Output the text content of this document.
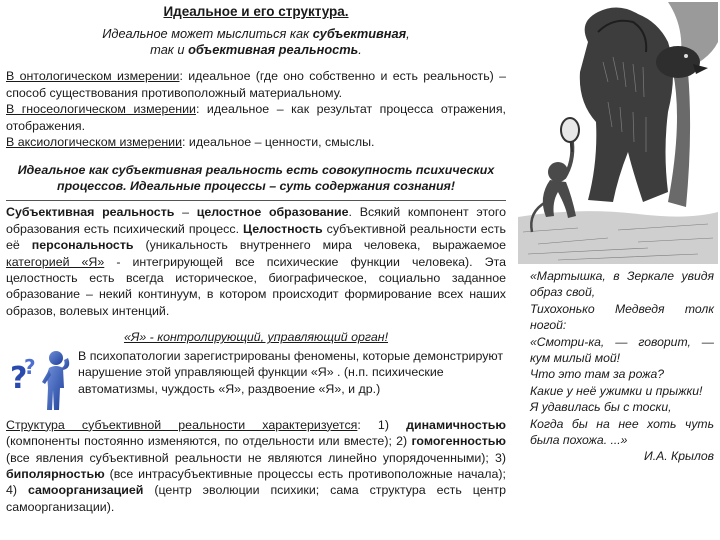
Идеальное и его структура.
Идеальное может мыслиться как субъективная,
так и объективная реальность.

В онтологическом измерении: идеальное (где оно собственно и есть реальность) – способ существования противоположный материальному.
В гносеологическом измерении: идеальное – как результат процесса отражения, отображения.
В аксиологическом измерении: идеальное – ценности, смыслы.

Идеальное как субъективная реальность есть совокупность психических процессов. Идеальные процессы – суть содержания сознания!

Субъективная реальность – целостное образование. Всякий компонент этого образования есть психический процесс. Целостность субъективной реальности есть её персональность (уникальность внутреннего мира человека, выражаемое категорией «Я» - интегрирующей все психические функции человека). Эта целостность есть всегда историческое, биографическое, социально заданное образование – некий континуум, в котором происходит формирование всех наших образов, волевых интенций.

«Я» - контролирующий, управляющий орган!
?
?	В психопатологии зарегистрированы феномены, которые демонстрируют нарушение этой управляющей функции «Я» . (н.п. психические автоматизмы, чуждость «Я», раздвоение «Я», и др.)

Структура субъективной реальности характеризуется: 1) динамичностью (компоненты постоянно изменяются, по отдельности или вместе); 2) гомогенностью (все явления субъективной реальности не являются линейно упорядоченными); 3) биполярностью (все интрасубъективные процессы есть противоположные начала); 4) самоорганизацией (центр эволюции психики; сама структура есть центр самоорганизации).

«Мартышка, в Зеркале увидя образ свой,

Тихохонько Медведя толк ногой:

«Смотри-ка, — говорит, — кум милый мой!

Что это там за рожа?

Какие у неё ужимки и прыжки!

Я удавилась бы с тоски,

Когда бы на нее хоть чуть была похожа. ...»

И.А. Крылов
